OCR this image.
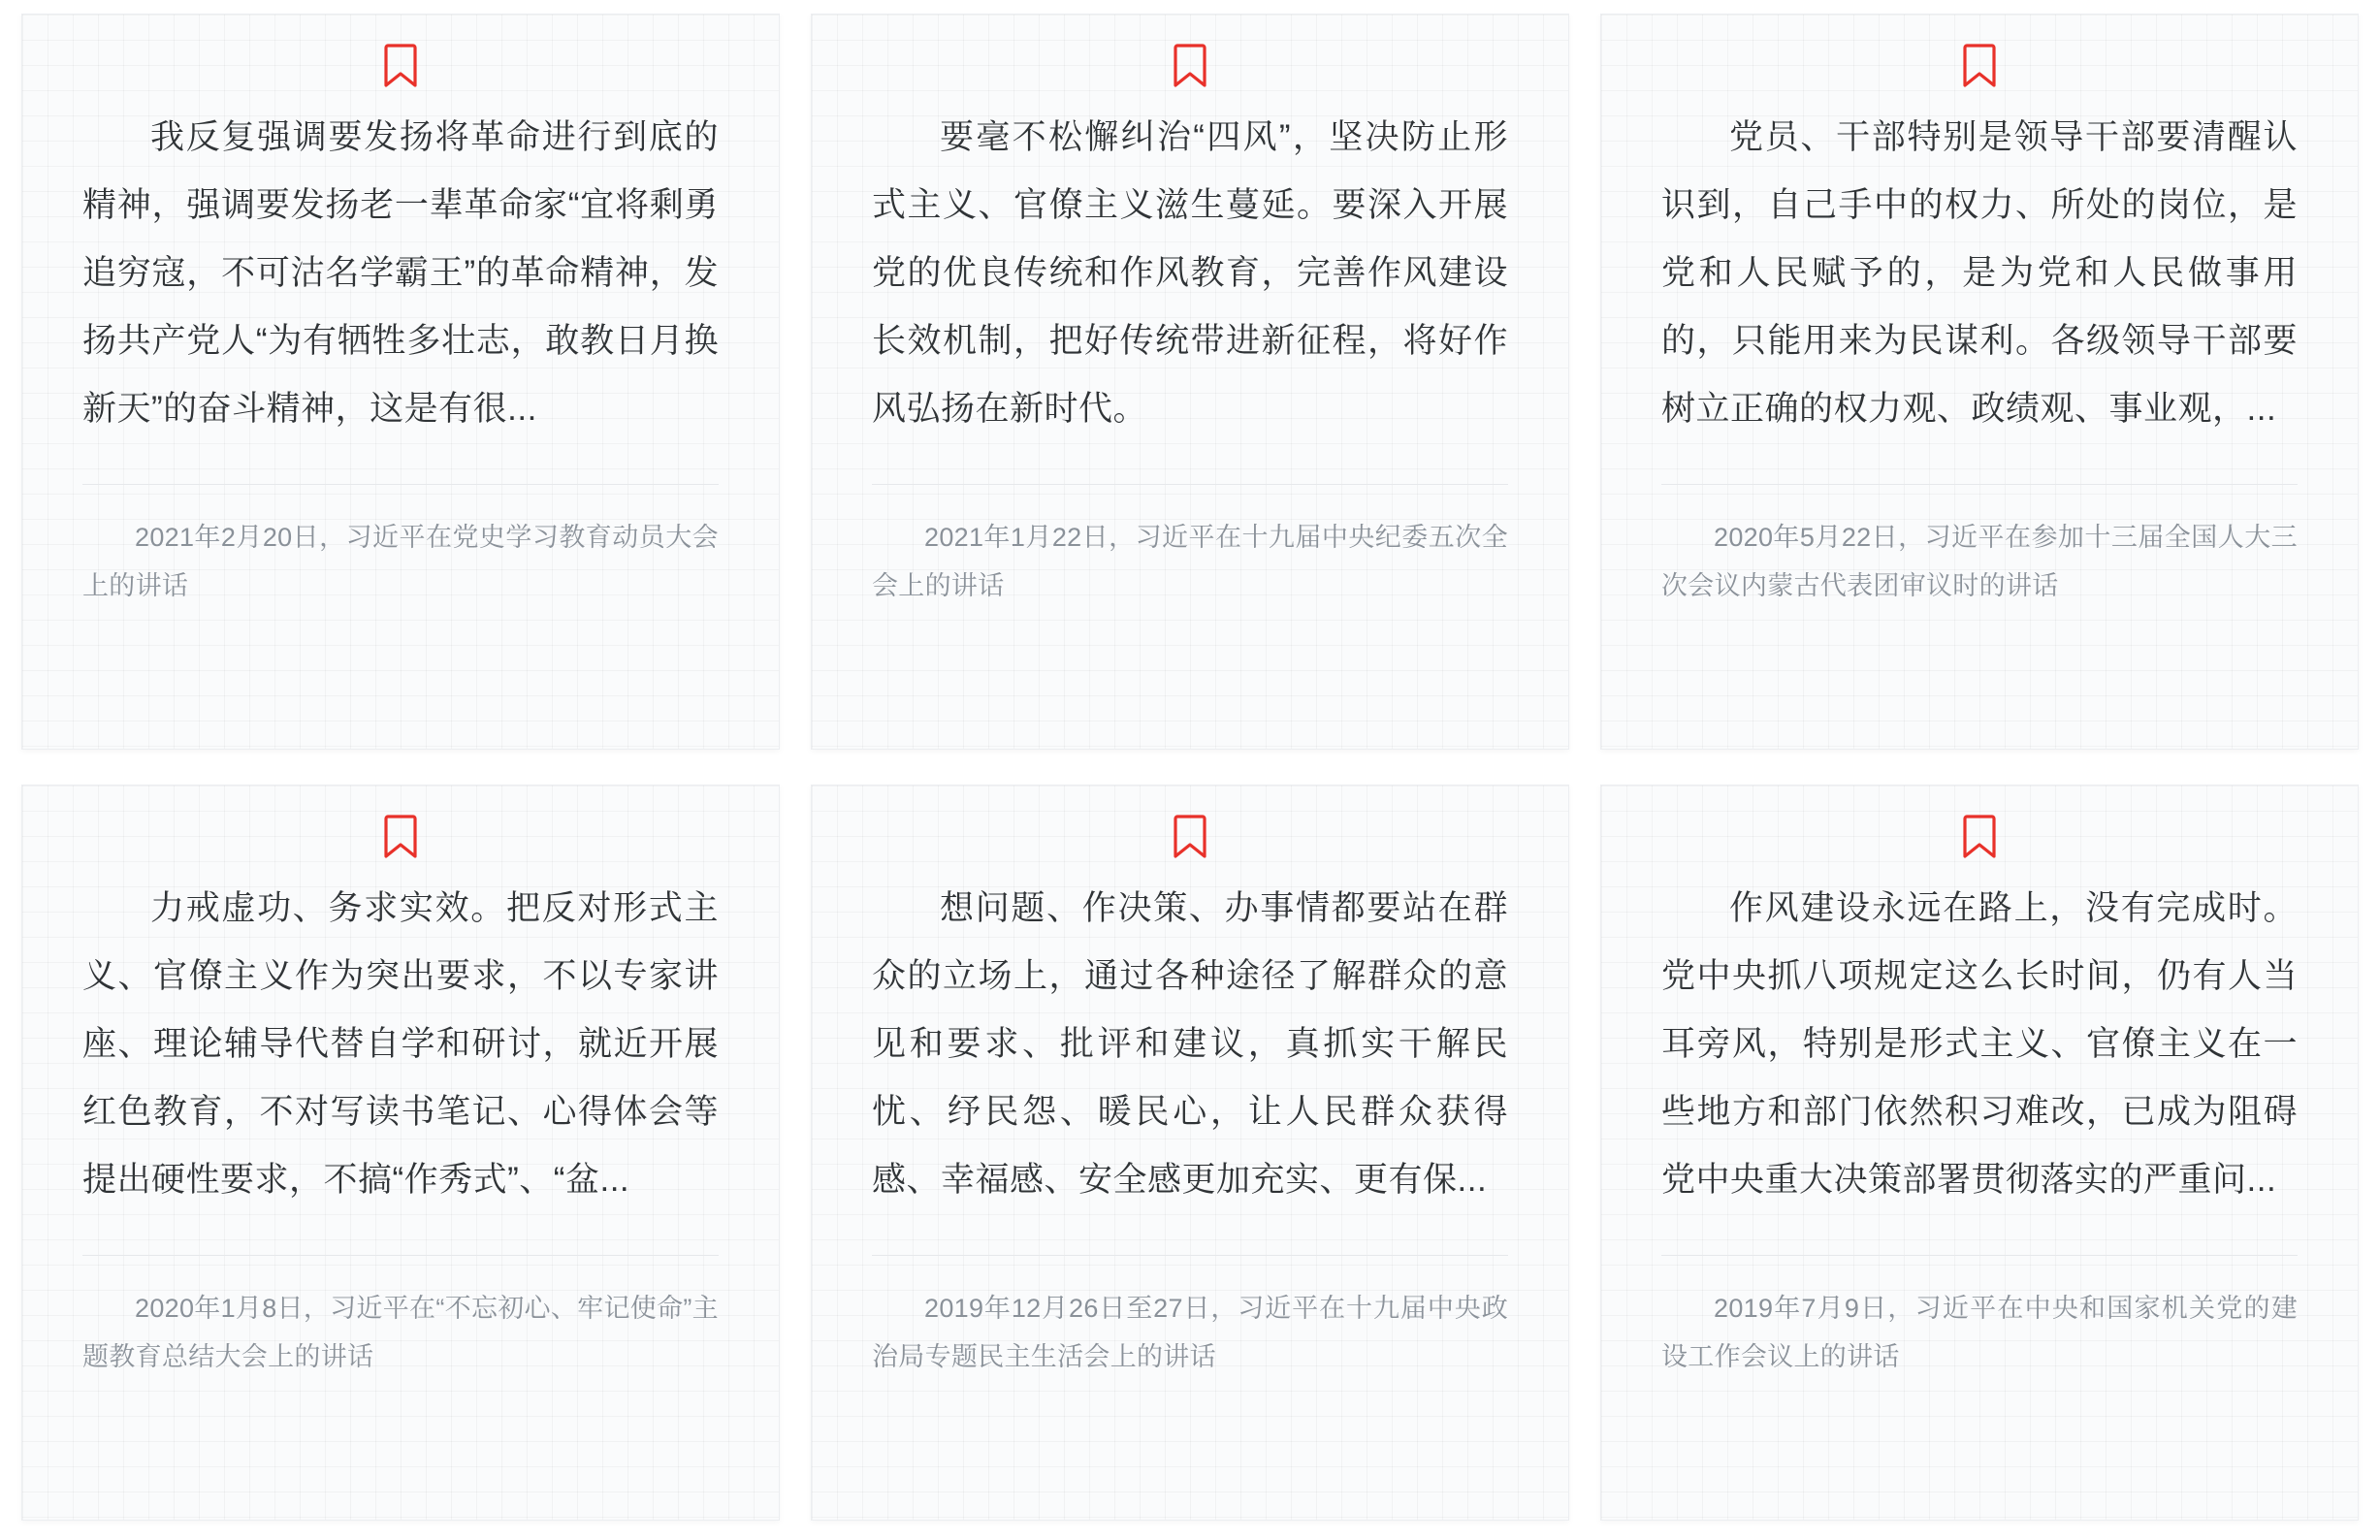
我反复强调要发扬将革命进行到底的精神，强调要发扬老一辈革命家“宜将剩勇追穷寇，不可沽名学霸王”的革命精神，发扬共产党人“为有牺牲多壮志，敢教日月换新天”的奋斗精神，这是有很...
2021年2月20日，习近平在党史学习教育动员大会上的讲话
要毫不松懈纠治“四风”，坚决防止形式主义、官僚主义滋生蔓延。要深入开展党的优良传统和作风教育，完善作风建设长效机制，把好传统带进新征程，将好作风弘扬在新时代。
2021年1月22日，习近平在十九届中央纪委五次全会上的讲话
党员、干部特别是领导干部要清醒认识到，自己手中的权力、所处的岗位，是党和人民赋予的，是为党和人民做事用的，只能用来为民谋利。各级领导干部要树立正确的权力观、政绩观、事业观，...
2020年5月22日，习近平在参加十三届全国人大三次会议内蒙古代表团审议时的讲话
力戒虚功、务求实效。把反对形式主义、官僚主义作为突出要求，不以专家讲座、理论辅导代替自学和研讨，就近开展红色教育，不对写读书笔记、心得体会等提出硬性要求，不搞“作秀式”、“盆...
2020年1月8日，习近平在“不忘初心、牢记使命”主题教育总结大会上的讲话
想问题、作决策、办事情都要站在群众的立场上，通过各种途径了解群众的意见和要求、批评和建议，真抓实干解民忧、纾民怨、暖民心，让人民群众获得感、幸福感、安全感更加充实、更有保...
2019年12月26日至27日，习近平在十九届中央政治局专题民主生活会上的讲话
作风建设永远在路上，没有完成时。党中央抓八项规定这么长时间，仍有人当耳旁风，特别是形式主义、官僚主义在一些地方和部门依然积习难改，已成为阻碍党中央重大决策部署贯彻落实的严重问...
2019年7月9日，习近平在中央和国家机关党的建设工作会议上的讲话
